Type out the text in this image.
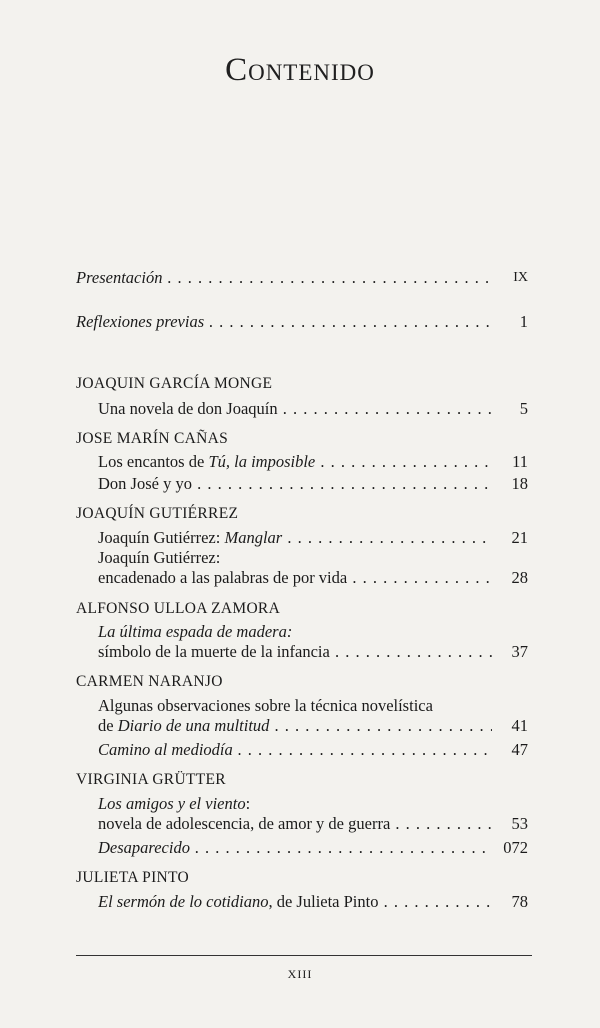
Contenido
Presentación . . .	IX
Reflexiones previas . . .	1
JOAQUIN GARCÍA MONGE
Una novela de don Joaquín . . .	5
JOSE MARÍN CAÑAS
Los encantos de Tú, la imposible . . .	11
Don José y yo . . .	18
JOAQUÍN GUTIÉRREZ
Joaquín Gutiérrez: Manglar . . .	21
Joaquín Gutiérrez:
encadenado a las palabras de por vida . . .	28
ALFONSO ULLOA ZAMORA
La última espada de madera:
símbolo de la muerte de la infancia . . .	37
CARMEN NARANJO
Algunas observaciones sobre la técnica novelística
de Diario de una multitud . . .	41
Camino al mediodía . . .	47
VIRGINIA GRÜTTER
Los amigos y el viento:
novela de adolescencia, de amor y de guerra . . .	53
Desaparecido . . .	072
JULIETA PINTO
El sermón de lo cotidiano, de Julieta Pinto . . .	78
XIII
